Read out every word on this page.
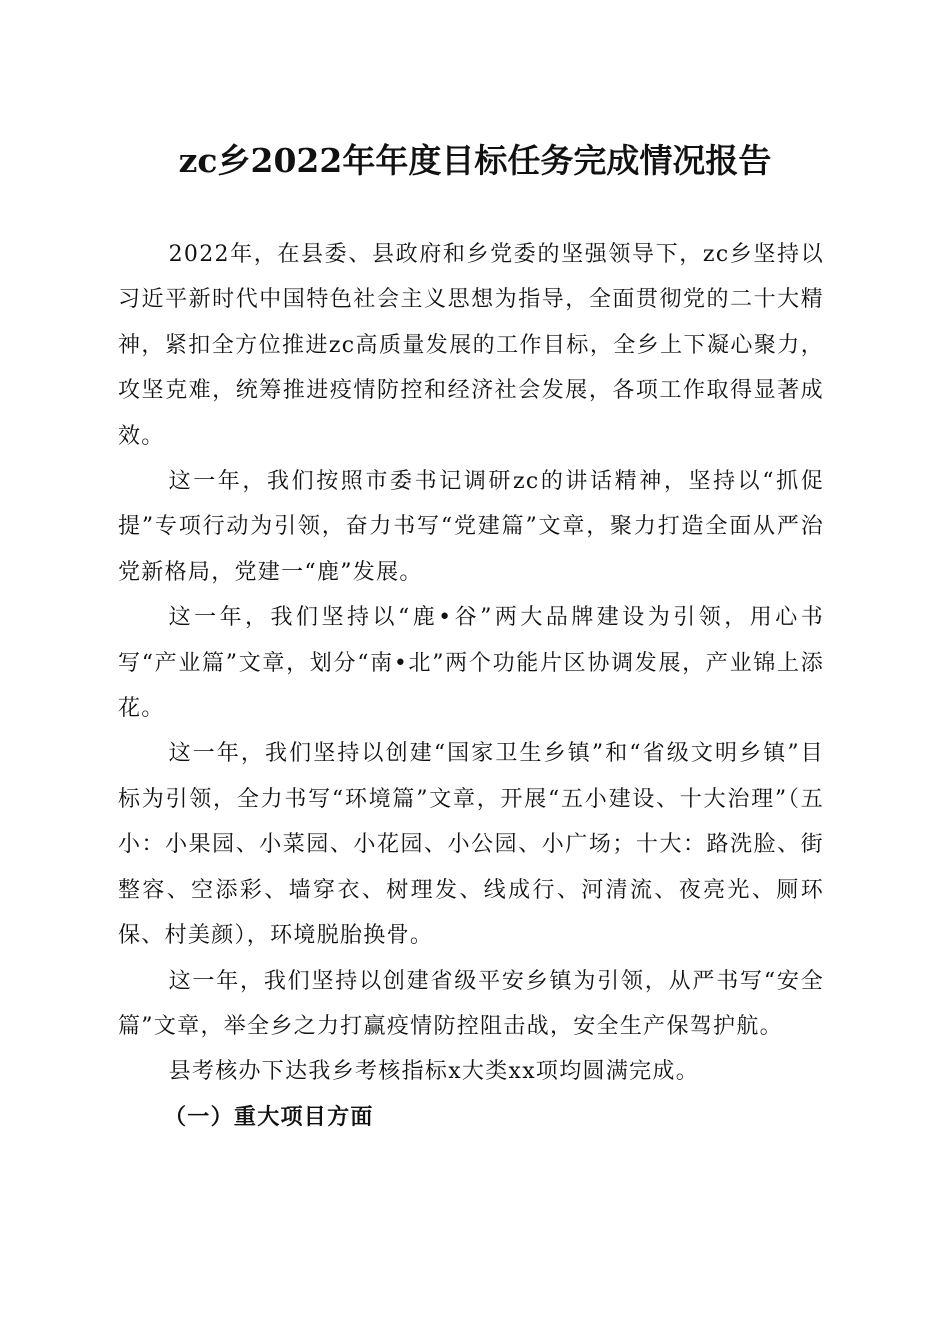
zc乡2022年年度目标任务完成情况报告

2022年，在县委、县政府和乡党委的坚强领导下，zc乡坚持以习近平新时代中国特色社会主义思想为指导，全面贯彻党的二十大精神，紧扣全方位推进zc高质量发展的工作目标，全乡上下凝心聚力，攻坚克难，统筹推进疫情防控和经济社会发展，各项工作取得显著成效。

这一年，我们按照市委书记调研zc的讲话精神，坚持以“抓促提”专项行动为引领，奋力书写“党建篇”文章，聚力打造全面从严治党新格局，党建一“鹿”发展。

这一年，我们坚持以“鹿•谷”两大品牌建设为引领，用心书写“产业篇”文章，划分“南•北”两个功能片区协调发展，产业锦上添花。

这一年，我们坚持以创建“国家卫生乡镇”和“省级文明乡镇”目标为引领，全力书写“环境篇”文章，开展“五小建设、十大治理”（五小：小果园、小菜园、小花园、小公园、小广场；十大：路洗脸、街整容、空添彩、墙穿衣、树理发、线成行、河清流、夜亮光、厕环保、村美颜），环境脱胎换骨。

这一年，我们坚持以创建省级平安乡镇为引领，从严书写“安全篇”文章，举全乡之力打赢疫情防控阻击战，安全生产保驾护航。

县考核办下达我乡考核指标x大类xx项均圆满完成。

（一）重大项目方面
